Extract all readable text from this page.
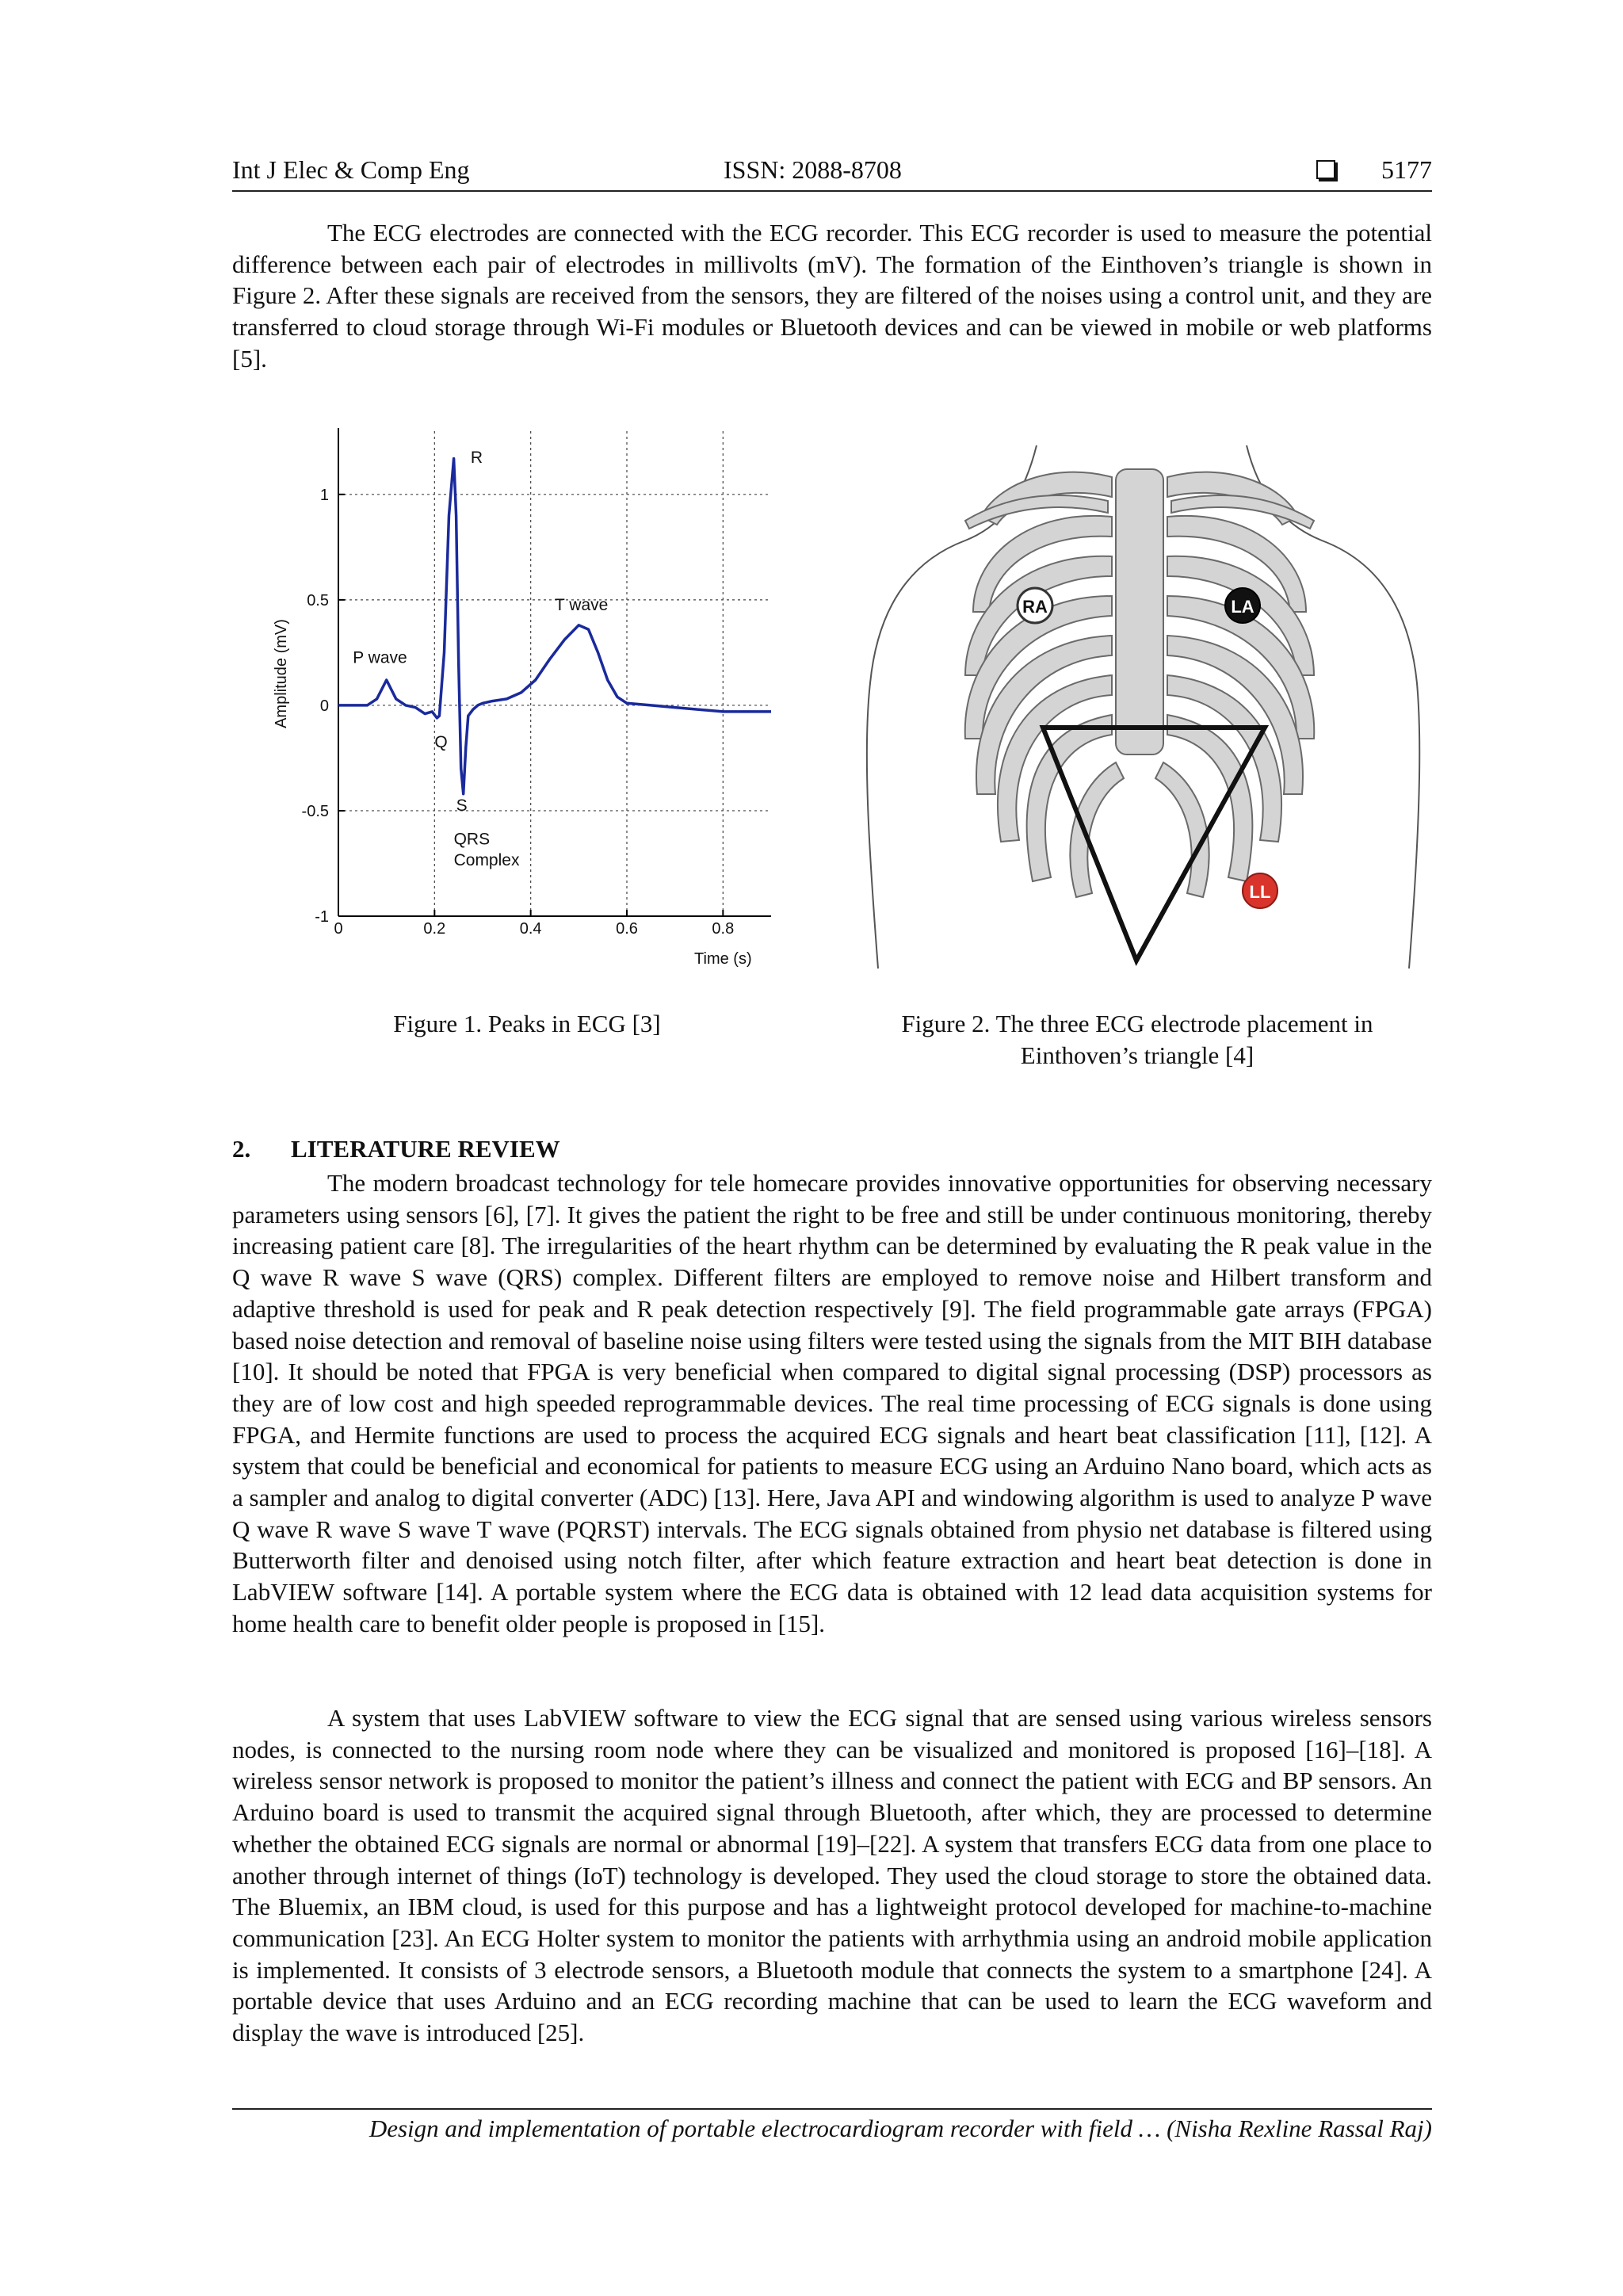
Int J Elec & Comp Eng	ISSN: 2088-8708	5177

The ECG electrodes are connected with the ECG recorder. This ECG recorder is used to measure the potential difference between each pair of electrodes in millivolts (mV). The formation of the Einthoven’s triangle is shown in Figure 2. After these signals are received from the sensors, they are filtered of the noises using a control unit, and they are transferred to cloud storage through Wi-Fi modules or Bluetooth devices and can be viewed in mobile or web platforms [5].

0	0.2	0.4	0.6	0.8
1
0.5
0
-0.5
-1
Time (s)
Amplitude (mV)
R
T wave
P wave
Q
S
QRS
Complex
RA	LA
LL
Figure 1. Peaks in ECG [3]	Figure 2. The three ECG electrode placement in
Einthoven’s triangle [4]
2. LITERATURE REVIEW

The modern broadcast technology for tele homecare provides innovative opportunities for observing necessary parameters using sensors [6], [7]. It gives the patient the right to be free and still be under continuous monitoring, thereby increasing patient care [8]. The irregularities of the heart rhythm can be determined by evaluating the R peak value in the Q wave R wave S wave (QRS) complex. Different filters are employed to remove noise and Hilbert transform and adaptive threshold is used for peak and R peak detection respectively [9]. The field programmable gate arrays (FPGA) based noise detection and removal of baseline noise using filters were tested using the signals from the MIT BIH database [10]. It should be noted that FPGA is very beneficial when compared to digital signal processing (DSP) processors as they are of low cost and high speeded reprogrammable devices. The real time processing of ECG signals is done using FPGA, and Hermite functions are used to process the acquired ECG signals and heart beat classification [11], [12]. A system that could be beneficial and economical for patients to measure ECG using an Arduino Nano board, which acts as a sampler and analog to digital converter (ADC) [13]. Here, Java API and windowing algorithm is used to analyze P wave Q wave R wave S wave T wave (PQRST) intervals. The ECG signals obtained from physio net database is filtered using Butterworth filter and denoised using notch filter, after which feature extraction and heart beat detection is done in LabVIEW software [14]. A portable system where the ECG data is obtained with 12 lead data acquisition systems for home health care to benefit older people is proposed in [15].

A system that uses LabVIEW software to view the ECG signal that are sensed using various wireless sensors nodes, is connected to the nursing room node where they can be visualized and monitored is proposed [16]–[18]. A wireless sensor network is proposed to monitor the patient’s illness and connect the patient with ECG and BP sensors. An Arduino board is used to transmit the acquired signal through Bluetooth, after which, they are processed to determine whether the obtained ECG signals are normal or abnormal [19]–[22]. A system that transfers ECG data from one place to another through internet of things (IoT) technology is developed. They used the cloud storage to store the obtained data. The Bluemix, an IBM cloud, is used for this purpose and has a lightweight protocol developed for machine-to-machine communication [23]. An ECG Holter system to monitor the patients with arrhythmia using an android mobile application is implemented. It consists of 3 electrode sensors, a Bluetooth module that connects the system to a smartphone [24]. A portable device that uses Arduino and an ECG recording machine that can be used to learn the ECG waveform and display the wave is introduced [25].

Design and implementation of portable electrocardiogram recorder with field … (Nisha Rexline Rassal Raj)
